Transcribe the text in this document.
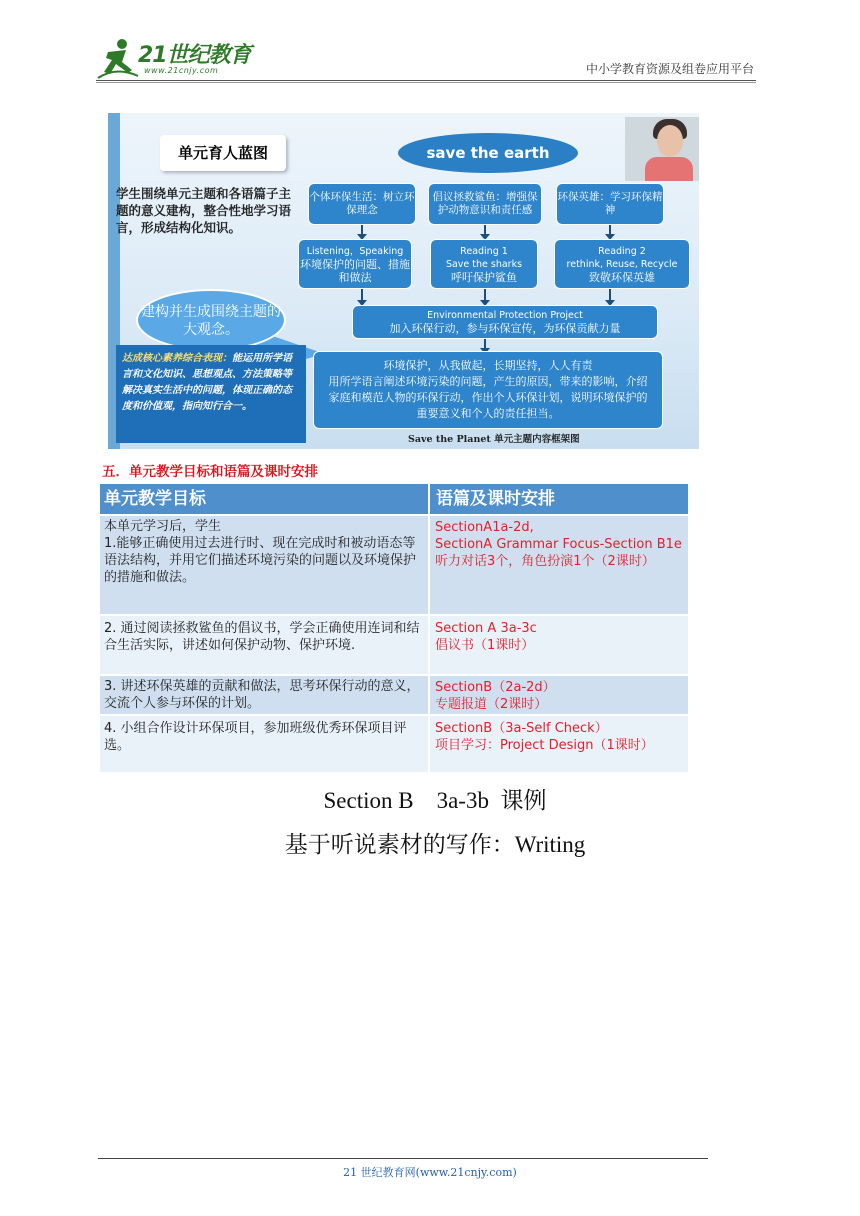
21世纪教育
www.21cnjy.com	中小学教育资源及组卷应用平台
单元育人蓝图
学生围绕单元主题和各语篇子主题的意义建构，整合性地学习语言，形成结构化知识。
save the earth
个体环保生活：树立环保理念
倡议拯救鲨鱼：增强保护动物意识和责任感
环保英雄：学习环保精神
Listening，Speaking
环境保护的问题、措施和做法
Reading 1
Save the sharks
呼吁保护鲨鱼
Reading 2
rethink, Reuse, Recycle
致敬环保英雄
Environmental Protection Project
加入环保行动，参与环保宣传，为环保贡献力量
建构并生成围绕主题的大观念。
达成核心素养综合表现：能运用所学语言和文化知识、思想观点、方法策略等解决真实生活中的问题，体现正确的态度和价值观，指向知行合一。
环境保护，从我做起，长期坚持，人人有责
用所学语言阐述环境污染的问题，产生的原因，带来的影响，介绍家庭和模范人物的环保行动，作出个人环保计划，说明环境保护的重要意义和个人的责任担当。
Save the Planet 单元主题内容框架图
五．单元教学目标和语篇及课时安排
单元教学目标	语篇及课时安排
本单元学习后，学生
1.能够正确使用过去进行时、现在完成时和被动语态等语法结构，并用它们描述环境污染的问题以及环境保护的措施和做法。
SectionA1a-2d,
SectionA Grammar Focus-Section B1e
听力对话3个，角色扮演1个（2课时）
2. 通过阅读拯救鲨鱼的倡议书，学会正确使用连词和结合生活实际，讲述如何保护动物、保护环境.
Section A 3a-3c
倡议书（1课时）
3. 讲述环保英雄的贡献和做法，思考环保行动的意义，交流个人参与环保的计划。
SectionB（2a-2d）
专题报道（2课时）
4. 小组合作设计环保项目，参加班级优秀环保项目评选。
SectionB（3a-Self Check）
项目学习：Project Design（1课时）
Section B    3a-3b  课例
基于听说素材的写作：Writing
21 世纪教育网(www.21cnjy.com)
